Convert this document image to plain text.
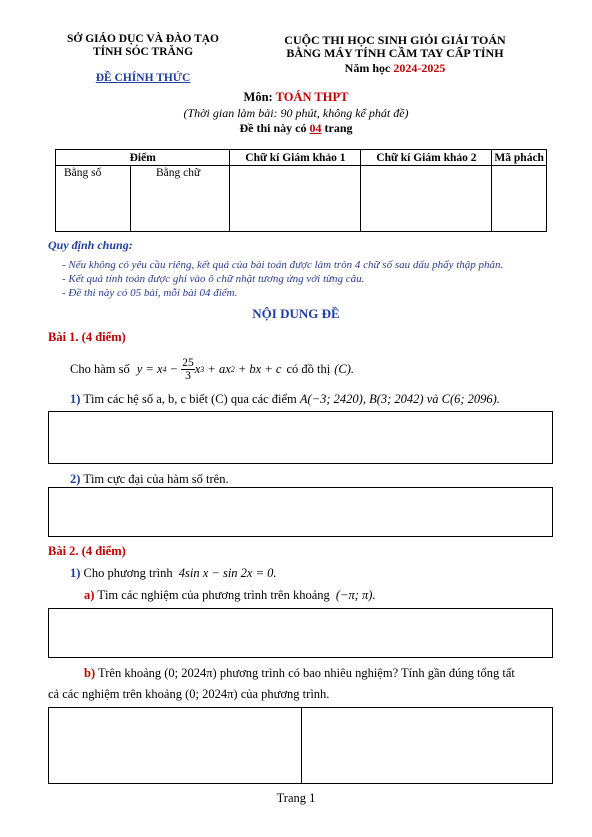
SỞ GIÁO DỤC VÀ ĐÀO TẠO
TỈNH SÓC TRĂNG
ĐỀ CHÍNH THỨC
CUỘC THI HỌC SINH GIỎI GIẢI TOÁN
BẰNG MÁY TÍNH CẦM TAY CẤP TỈNH
Năm học 2024-2025
Môn: TOÁN THPT
(Thời gian làm bài: 90 phút, không kể phát đề)
Đề thi này có 04 trang
Điểm		Chữ kí Giám khảo 1	Chữ kí Giám khảo 2	Mã phách
Bằng số	Bằng chữ			
Quy định chung:
- Nếu không có yêu cầu riêng, kết quả của bài toán được làm tròn 4 chữ số sau dấu phẩy thập phân.
- Kết quả tính toán được ghi vào ô chữ nhật tương ứng với từng câu.
- Đề thi này có 05 bài, mỗi bài 04 điểm.
NỘI DUNG ĐỀ
Bài 1. (4 điểm)
Cho hàm số y = x 4 − 25
3 x 3 + ax 2 + bx + c có đồ thị (C).
1) Tìm các hệ số a, b, c biết (C) qua các điểm A(−3; 2420), B(3; 2042) và C(6; 2096).
2) Tìm cực đại của hàm số trên.
Bài 2. (4 điểm)
1) Cho phương trình 4sin x − sin 2x = 0.
a) Tìm các nghiệm của phương trình trên khoảng (−π; π).
b) Trên khoảng (0; 2024π) phương trình có bao nhiêu nghiệm? Tính gần đúng tổng tất
cả các nghiệm trên khoảng (0; 2024π) của phương trình.
Trang 1
